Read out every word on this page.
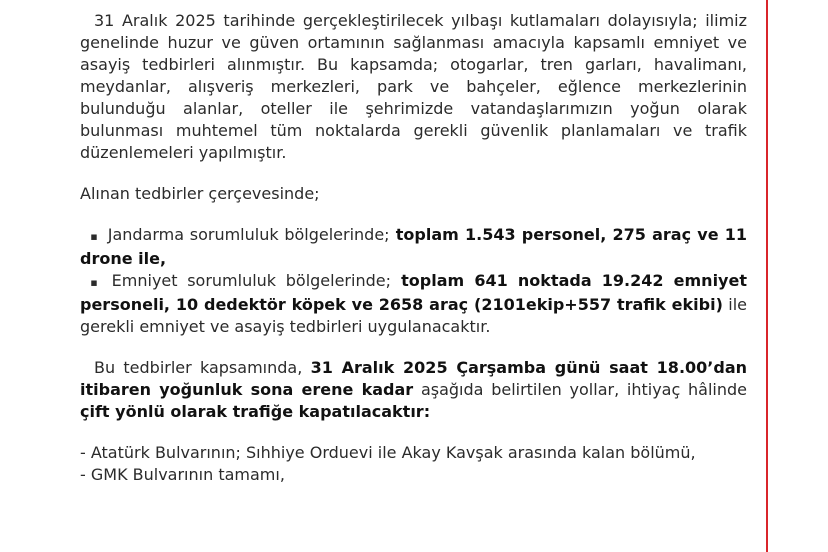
31 Aralık 2025 tarihinde gerçekleştirilecek yılbaşı kutlamaları dolayısıyla; ilimiz genelinde huzur ve güven ortamının sağlanması amacıyla kapsamlı emniyet ve asayiş tedbirleri alınmıştır. Bu kapsamda; otogarlar, tren garları, havalimanı, meydanlar, alışveriş merkezleri, park ve bahçeler, eğlence merkezlerinin bulunduğu alanlar, oteller ile şehrimizde vatandaşlarımızın yoğun olarak bulunması muhtemel tüm noktalarda gerekli güvenlik planlamaları ve trafik düzenlemeleri yapılmıştır.

Alınan tedbirler çerçevesinde;

▪ Jandarma sorumluluk bölgelerinde; toplam 1.543 personel, 275 araç ve 11 drone ile,

▪ Emniyet sorumluluk bölgelerinde; toplam 641 noktada 19.242 emniyet personeli, 10 dedektör köpek ve 2658 araç (2101ekip+557 trafik ekibi) ile gerekli emniyet ve asayiş tedbirleri uygulanacaktır.

Bu tedbirler kapsamında, 31 Aralık 2025 Çarşamba günü saat 18.00’dan itibaren yoğunluk sona erene kadar aşağıda belirtilen yollar, ihtiyaç hâlinde çift yönlü olarak trafiğe kapatılacaktır:

- Atatürk Bulvarının; Sıhhiye Orduevi ile Akay Kavşak arasında kalan bölümü,

- GMK Bulvarının tamamı,
